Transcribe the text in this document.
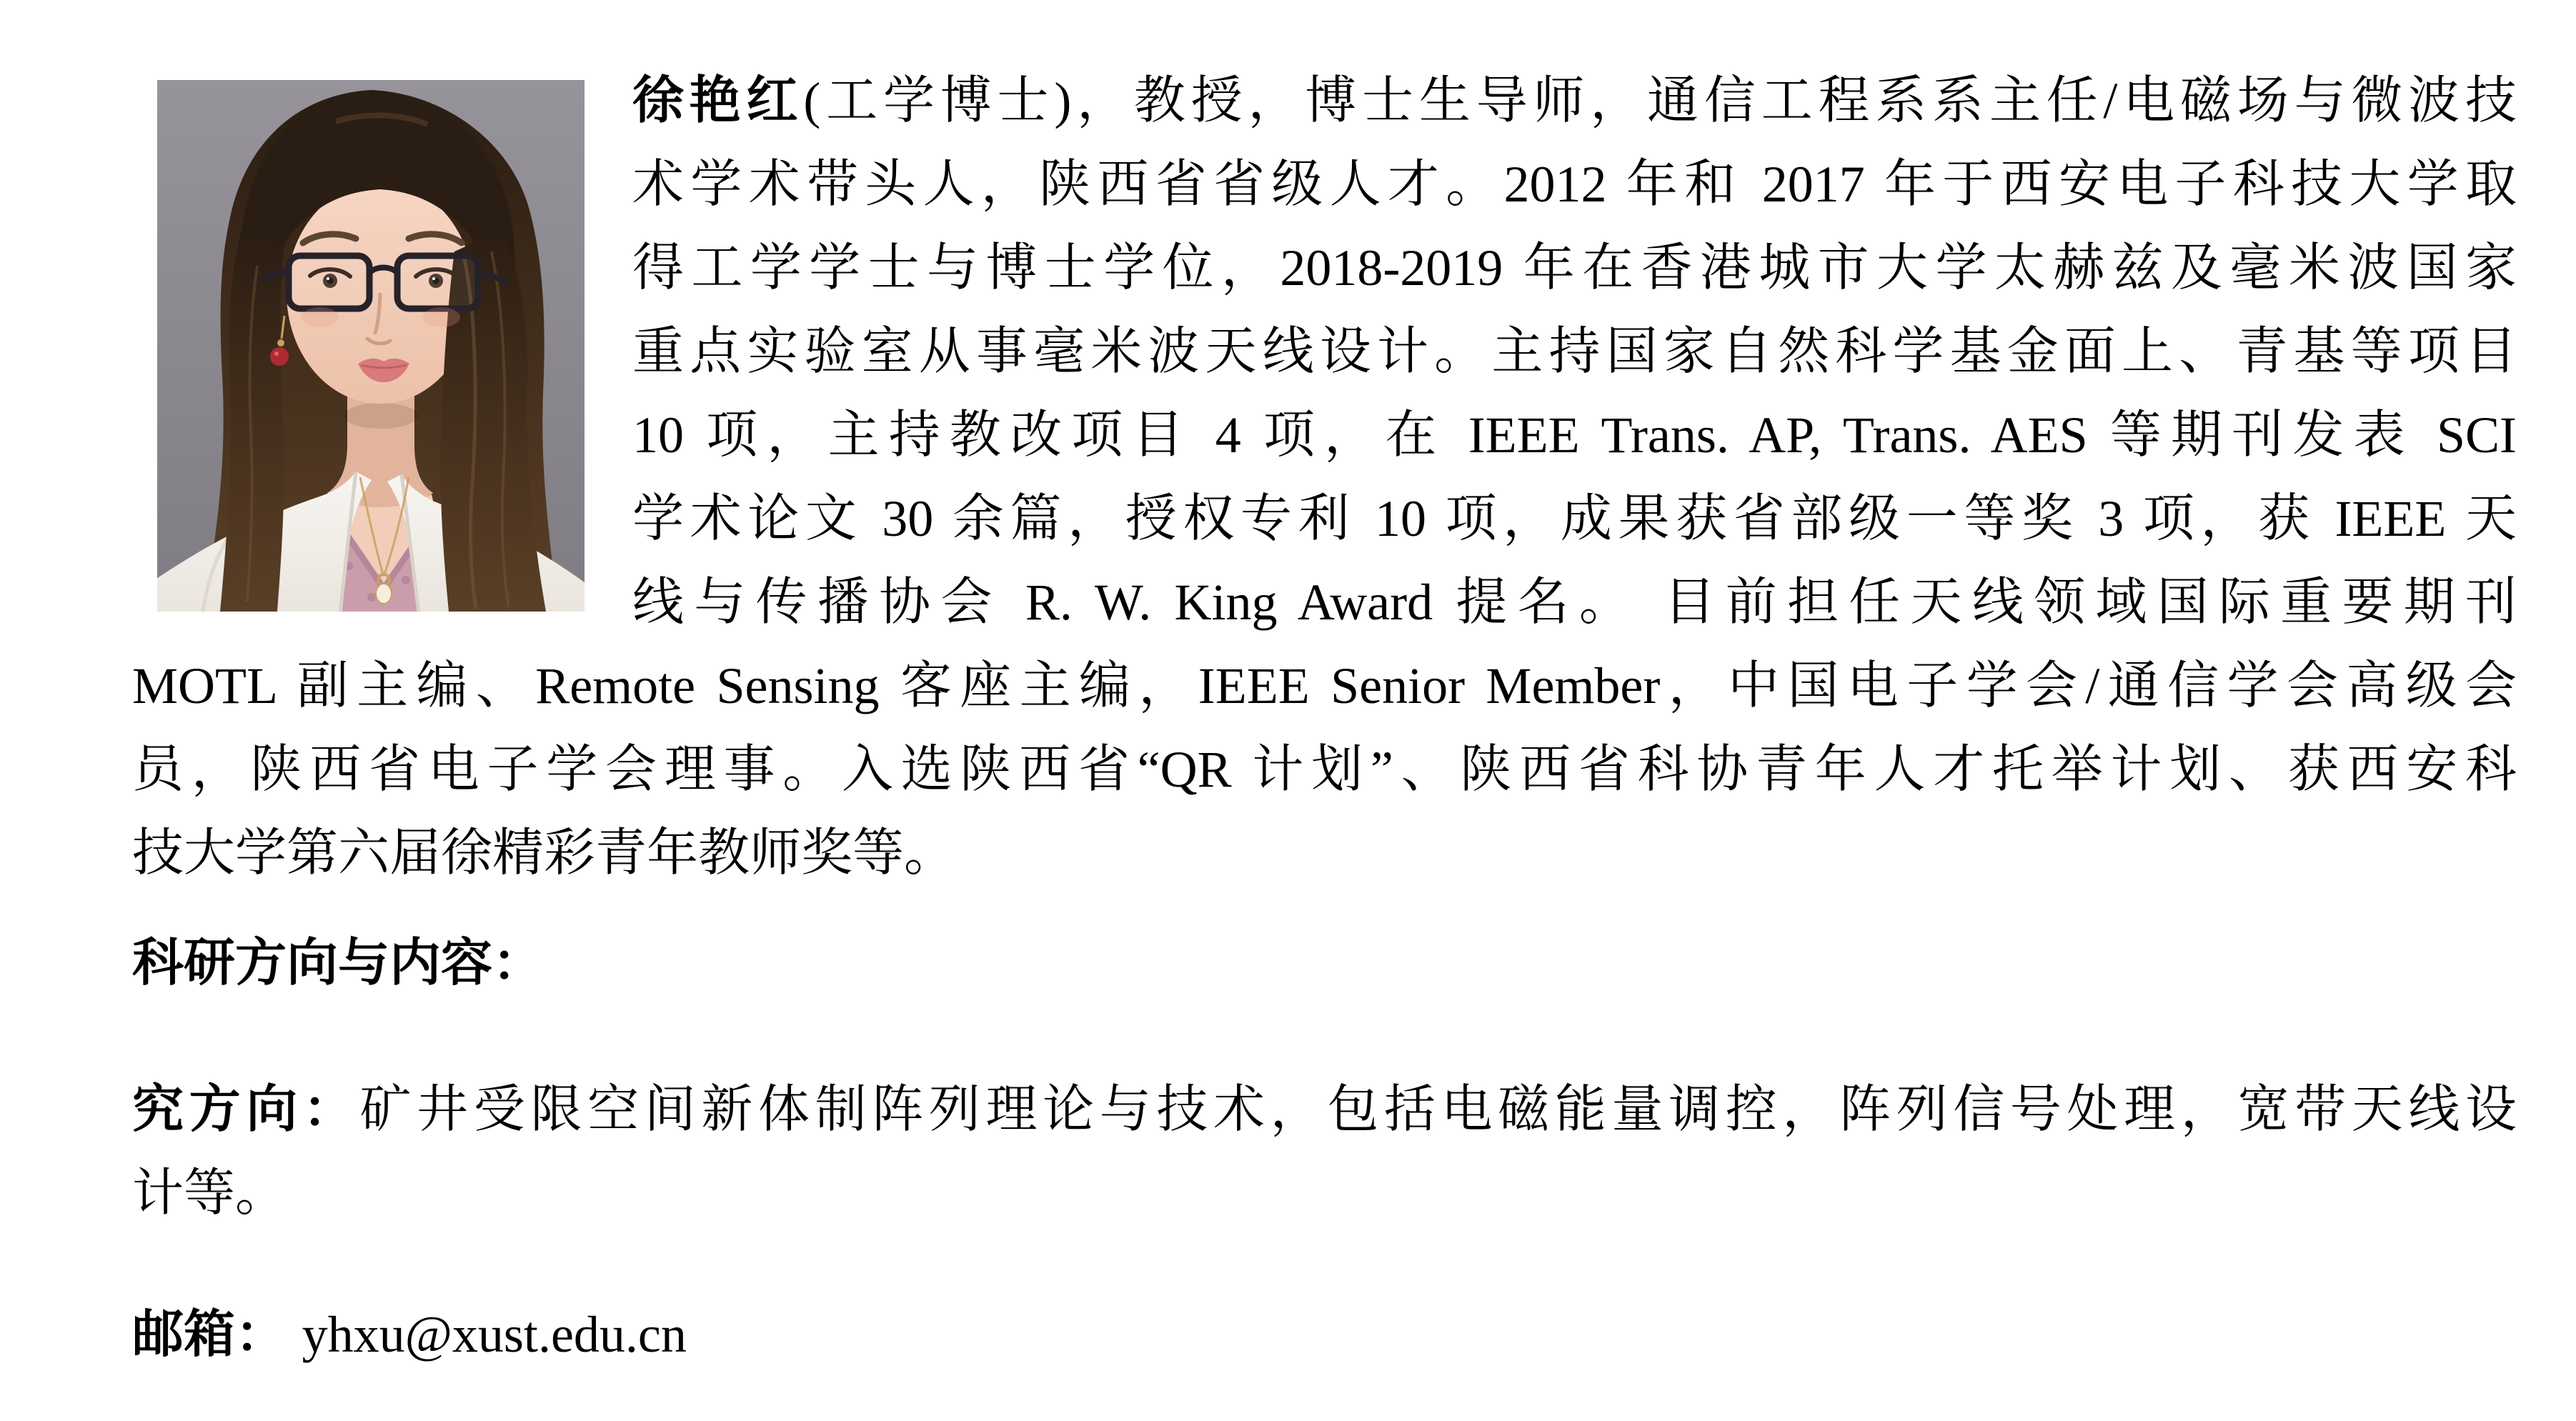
徐艳红(工学博士)，教授，博士生导师，通信工程系系主任/电磁场与微波技
术学术带头人，陕西省省级人才。2012 年和 2017 年于西安电子科技大学取
得工学学士与博士学位，2018-2019 年在香港城市大学太赫兹及毫米波国家
重点实验室从事毫米波天线设计。主持国家自然科学基金面上、青基等项目
10 项，主持教改项目 4 项，在 IEEE Trans. AP, Trans. AES 等期刊发表 SCI
学术论文 30 余篇，授权专利 10 项，成果获省部级一等奖 3 项，获 IEEE 天
线与传播协会 R. W. King Award 提名。 目前担任天线领域国际重要期刊
MOTL 副主编、Remote Sensing 客座主编，IEEE Senior Member，中国电子学会/通信学会高级会
员，陕西省电子学会理事。入选陕西省“QR 计划”、陕西省科协青年人才托举计划、获西安科
技大学第六届徐精彩青年教师奖等。
科研方向与内容：
究方向：矿井受限空间新体制阵列理论与技术，包括电磁能量调控，阵列信号处理，宽带天线设
计等。
邮箱： yhxu@xust.edu.cn
